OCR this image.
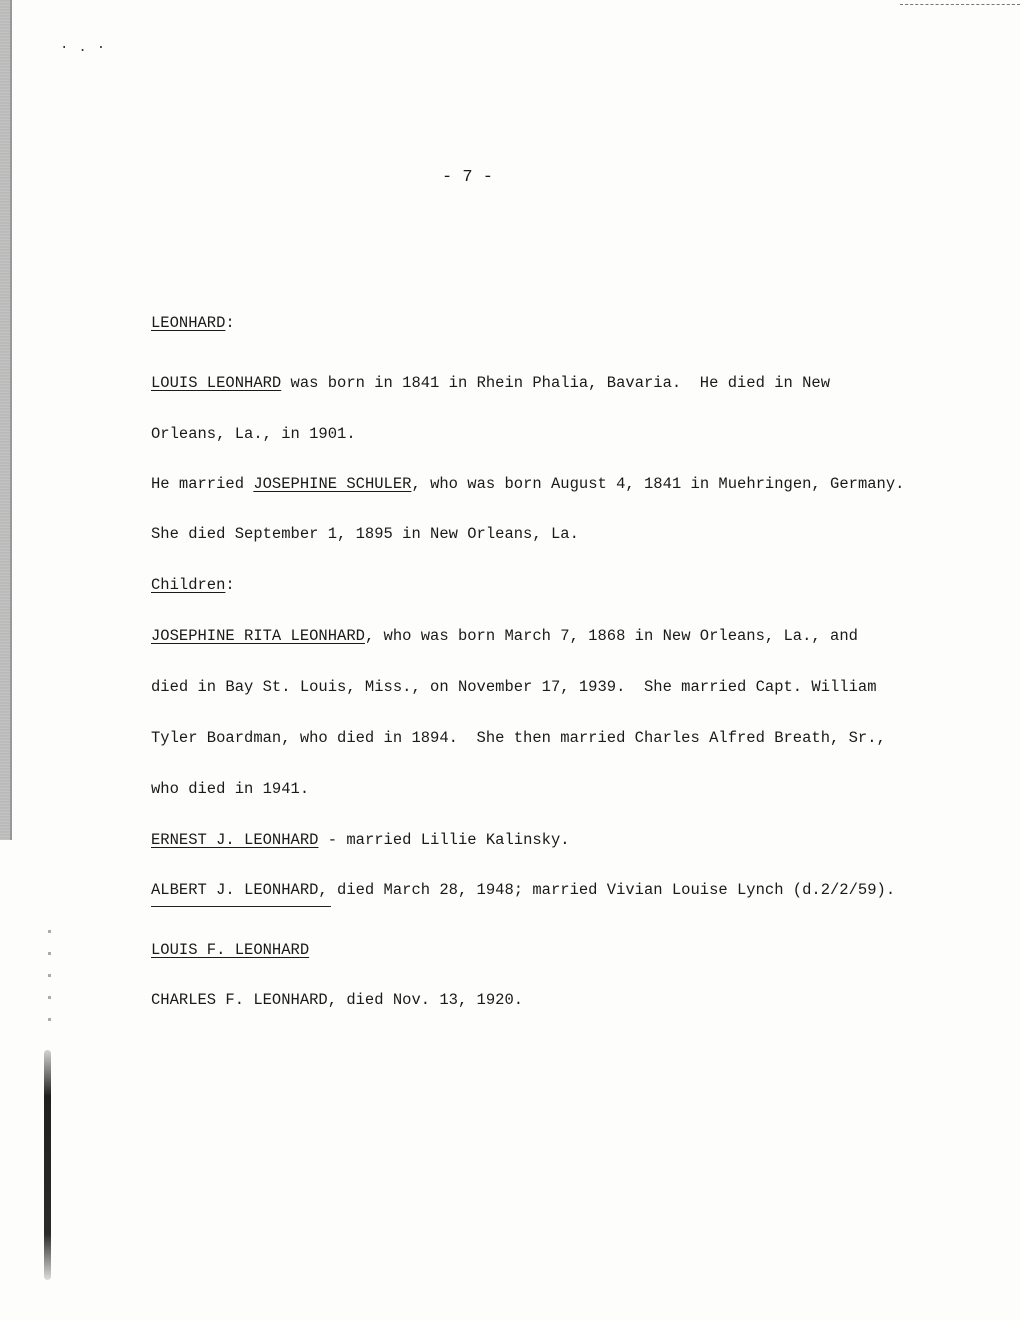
·.·
- 7 -
LEONHARD:
LOUIS LEONHARD was born in 1841 in Rhein Phalia, Bavaria.  He died in New
Orleans, La., in 1901.
He married JOSEPHINE SCHULER, who was born August 4, 1841 in Muehringen, Germany.
She died September 1, 1895 in New Orleans, La.
Children:
JOSEPHINE RITA LEONHARD, who was born March 7, 1868 in New Orleans, La., and
died in Bay St. Louis, Miss., on November 17, 1939.  She married Capt. William
Tyler Boardman, who died in 1894.  She then married Charles Alfred Breath, Sr.,
who died in 1941.
ERNEST J. LEONHARD - married Lillie Kalinsky.
ALBERT J. LEONHARD, died March 28, 1948; married Vivian Louise Lynch (d.2/2/59).
LOUIS F. LEONHARD
CHARLES F. LEONHARD, died Nov. 13, 1920.
